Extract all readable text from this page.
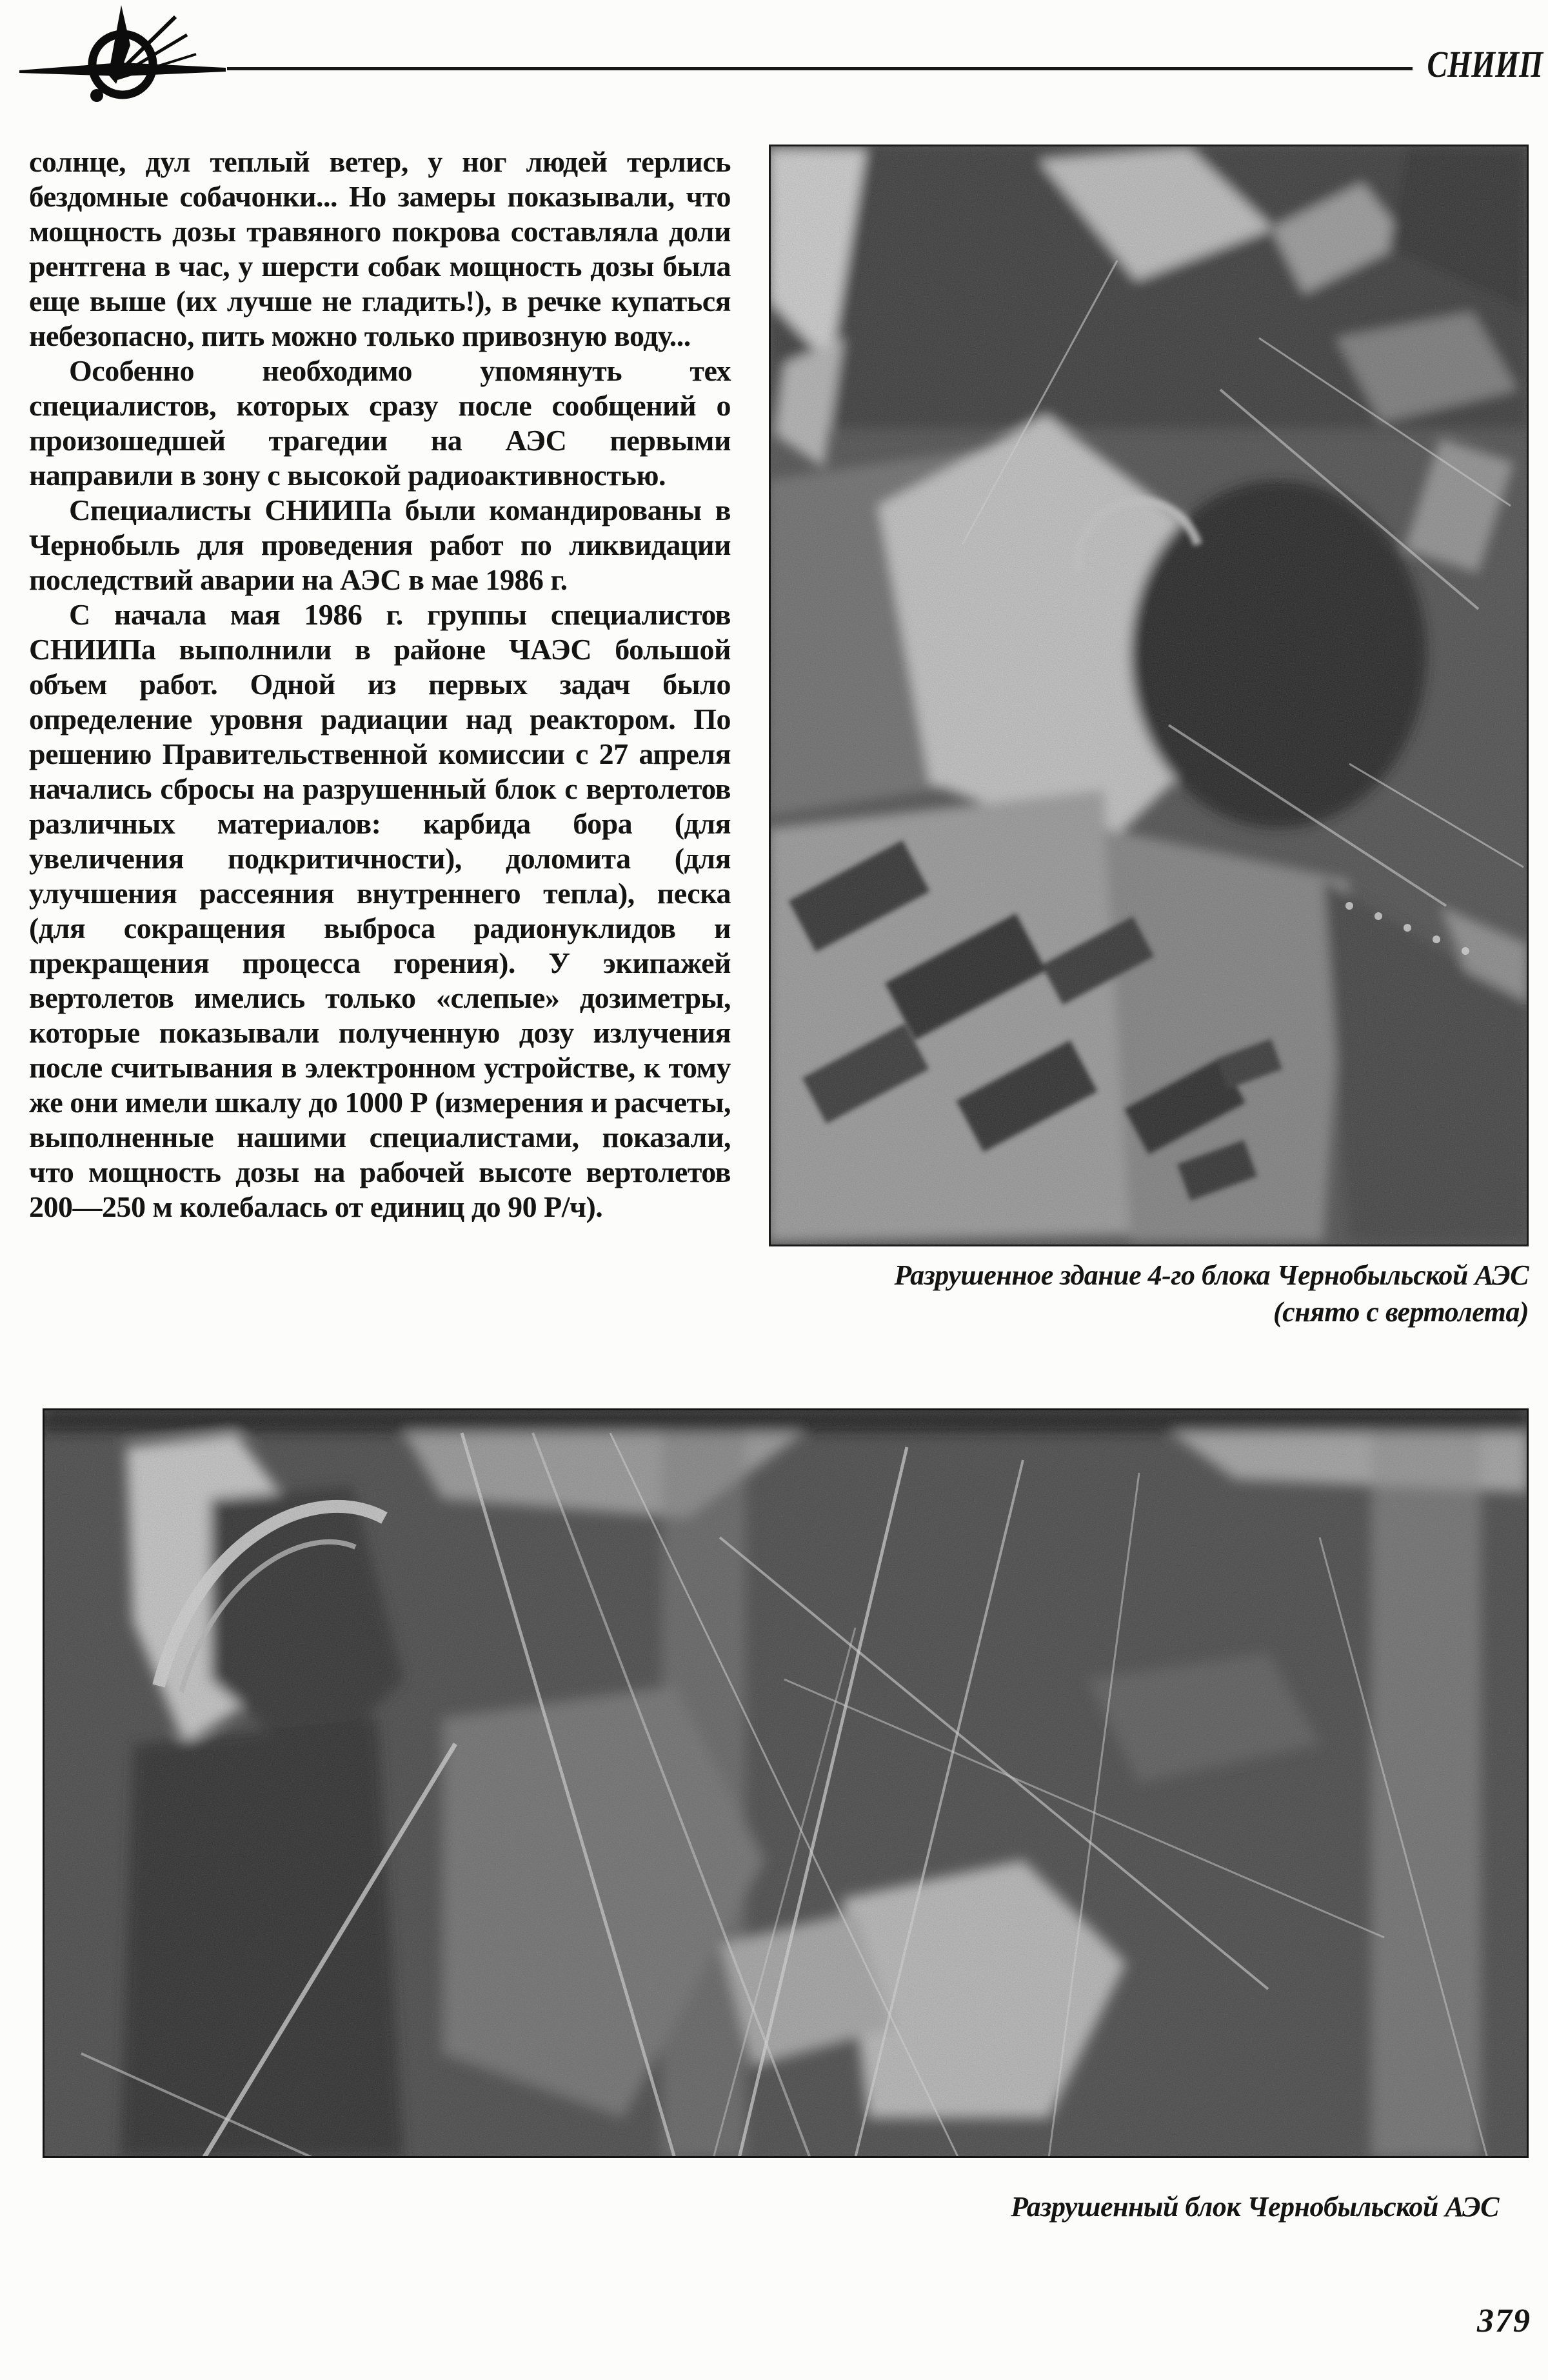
СНИИП

солнце, дул теплый ветер, у ног людей терлись бездомные собачонки... Но замеры показывали, что мощность дозы травяного покрова составляла доли рентгена в час, у шерсти собак мощность дозы была еще выше (их лучше не гладить!), в речке купаться небезопасно, пить можно только привозную воду...

Особенно необходимо упомянуть тех специалистов, которых сразу после сообщений о произошедшей трагедии на АЭС первыми направили в зону с высокой радиоактивностью.

Специалисты СНИИПа были командированы в Чернобыль для проведения работ по ликвидации последствий аварии на АЭС в мае 1986 г.

С начала мая 1986 г. группы специалистов СНИИПа выполнили в районе ЧАЭС большой объем работ. Одной из первых задач было определение уровня радиации над реактором. По решению Правительственной комиссии с 27 апреля начались сбросы на разрушенный блок с вертолетов различных материалов: карбида бора (для увеличения подкритичности), доломита (для улучшения рассеяния внутреннего тепла), песка (для сокращения выброса радионуклидов и прекращения процесса горения). У экипажей вертолетов имелись только «слепые» дозиметры, которые показывали полученную дозу излучения после считывания в электронном устройстве, к тому же они имели шкалу до 1000 Р (измерения и расчеты, выполненные нашими специалистами, показали, что мощность дозы на рабочей высоте вертолетов 200—250 м колебалась от единиц до 90 Р/ч).

Разрушенное здание 4-го блока Чернобыльской АЭС
(снято с вертолета)
Разрушенный блок Чернобыльской АЭС
379
